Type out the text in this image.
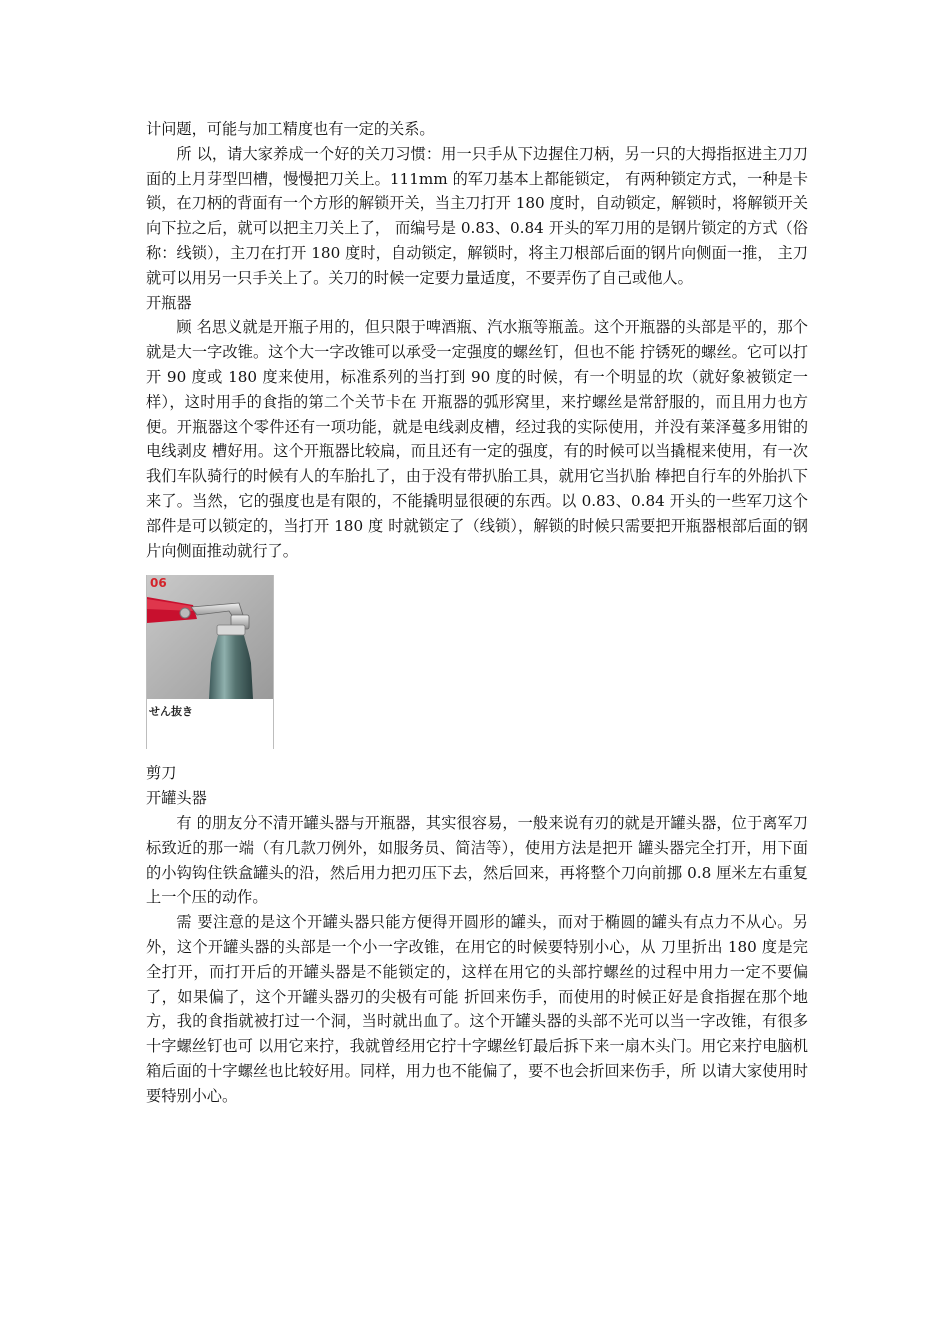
计问题，可能与加工精度也有一定的关系。

所 以，请大家养成一个好的关刀习惯：用一只手从下边握住刀柄，另一只的大拇指抠进主刀刀面的上月芽型凹槽，慢慢把刀关上。111mm 的军刀基本上都能锁定， 有两种锁定方式，一种是卡锁，在刀柄的背面有一个方形的解锁开关，当主刀打开 180 度时，自动锁定，解锁时，将解锁开关向下拉之后，就可以把主刀关上了， 而编号是 0.83、0.84 开头的军刀用的是钢片锁定的方式（俗称：线锁），主刀在打开 180 度时，自动锁定，解锁时，将主刀根部后面的钢片向侧面一推， 主刀就可以用另一只手关上了。关刀的时候一定要力量适度，不要弄伤了自己或他人。

开瓶器

顾 名思义就是开瓶子用的，但只限于啤酒瓶、汽水瓶等瓶盖。这个开瓶器的头部是平的，那个就是大一字改锥。这个大一字改锥可以承受一定强度的螺丝钉，但也不能 拧锈死的螺丝。它可以打开 90 度或 180 度来使用，标准系列的当打到 90 度的时候，有一个明显的坎（就好象被锁定一样），这时用手的食指的第二个关节卡在 开瓶器的弧形窝里，来拧螺丝是常舒服的，而且用力也方便。开瓶器这个零件还有一项功能，就是电线剥皮槽，经过我的实际使用，并没有莱泽蔓多用钳的电线剥皮 槽好用。这个开瓶器比较扁，而且还有一定的强度，有的时候可以当撬棍来使用，有一次我们车队骑行的时候有人的车胎扎了，由于没有带扒胎工具，就用它当扒胎 棒把自行车的外胎扒下来了。当然，它的强度也是有限的，不能撬明显很硬的东西。以 0.83、0.84 开头的一些军刀这个部件是可以锁定的，当打开 180 度 时就锁定了（线锁），解锁的时候只需要把开瓶器根部后面的钢片向侧面推动就行了。

06
せん抜き

剪刀

开罐头器

有 的朋友分不清开罐头器与开瓶器，其实很容易，一般来说有刃的就是开罐头器，位于离军刀标致近的那一端（有几款刀例外，如服务员、简洁等），使用方法是把开 罐头器完全打开，用下面的小钩钩住铁盒罐头的沿，然后用力把刃压下去，然后回来，再将整个刀向前挪 0.8 厘米左右重复上一个压的动作。

需 要注意的是这个开罐头器只能方便得开圆形的罐头，而对于椭圆的罐头有点力不从心。另外，这个开罐头器的头部是一个小一字改锥，在用它的时候要特别小心，从 刀里折出 180 度是完全打开，而打开后的开罐头器是不能锁定的，这样在用它的头部拧螺丝的过程中用力一定不要偏了，如果偏了，这个开罐头器刃的尖极有可能 折回来伤手，而使用的时候正好是食指握在那个地方，我的食指就被打过一个洞，当时就出血了。这个开罐头器的头部不光可以当一字改锥，有很多十字螺丝钉也可 以用它来拧，我就曾经用它拧十字螺丝钉最后拆下来一扇木头门。用它来拧电脑机箱后面的十字螺丝也比较好用。同样，用力也不能偏了，要不也会折回来伤手，所 以请大家使用时要特别小心。
